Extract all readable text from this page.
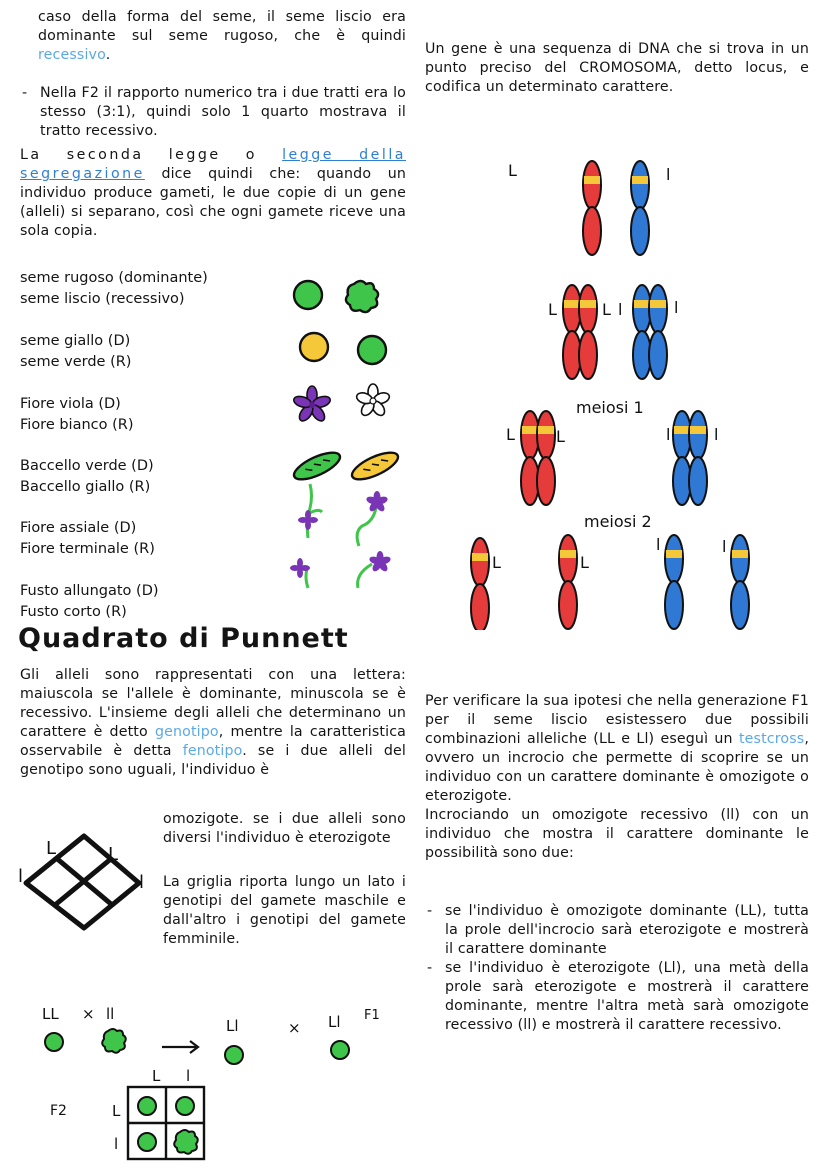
caso della forma del seme, il seme liscio era dominante sul seme rugoso, che è quindi recessivo.
- Nella F2 il rapporto numerico tra i due tratti era lo stesso (3:1), quindi solo 1 quarto mostrava il tratto recessivo.
La seconda legge o legge della segregazione dice quindi che: quando un individuo produce gameti, le due copie di un gene (alleli) si separano, così che ogni gamete riceve una sola copia.
seme rugoso (dominante)
seme liscio (recessivo)
seme giallo (D)
seme verde (R)
Fiore viola (D)
Fiore bianco (R)
Baccello verde (D)
Baccello giallo (R)
Fiore assiale (D)
Fiore terminale (R)
Fusto allungato (D)
Fusto corto (R)
Quadrato di Punnett
Gli alleli sono rappresentati con una lettera: maiuscola se l'allele è dominante, minuscola se è recessivo. L'insieme degli alleli che determinano un carattere è detto genotipo, mentre la caratteristica osservabile è detta fenotipo. se i due alleli del genotipo sono uguali, l'individuo è
omozigote. se i due alleli sono diversi l'individuo è eterozigote
La griglia riporta lungo un lato i genotipi del gamete maschile e dall'altro i genotipi del gamete femminile.
L	L
l	l
LL × ll
Ll	× Ll F1
L l
F2	L
l
Un gene è una sequenza di DNA che si trova in un punto preciso del CROMOSOMA, detto locus, e codifica un determinato carattere.
L	l
L	L l	l
meiosi 1
L	L	l	l
meiosi 2
L	L
l	l
Per verificare la sua ipotesi che nella generazione F1 per il seme liscio esistessero due possibili combinazioni alleliche (LL e Ll) eseguì un testcross, ovvero un incrocio che permette di scoprire se un individuo con un carattere dominante è omozigote o eterozigote.
Incrociando un omozigote recessivo (ll) con un individuo che mostra il carattere dominante le possibilità sono due:
- se l'individuo è omozigote dominante (LL), tutta la prole dell'incrocio sarà eterozigote e mostrerà il carattere dominante
- se l'individuo è eterozigote (Ll), una metà della prole sarà eterozigote e mostrerà il carattere dominante, mentre l'altra metà sarà omozigote recessivo (ll) e mostrerà il carattere recessivo.
